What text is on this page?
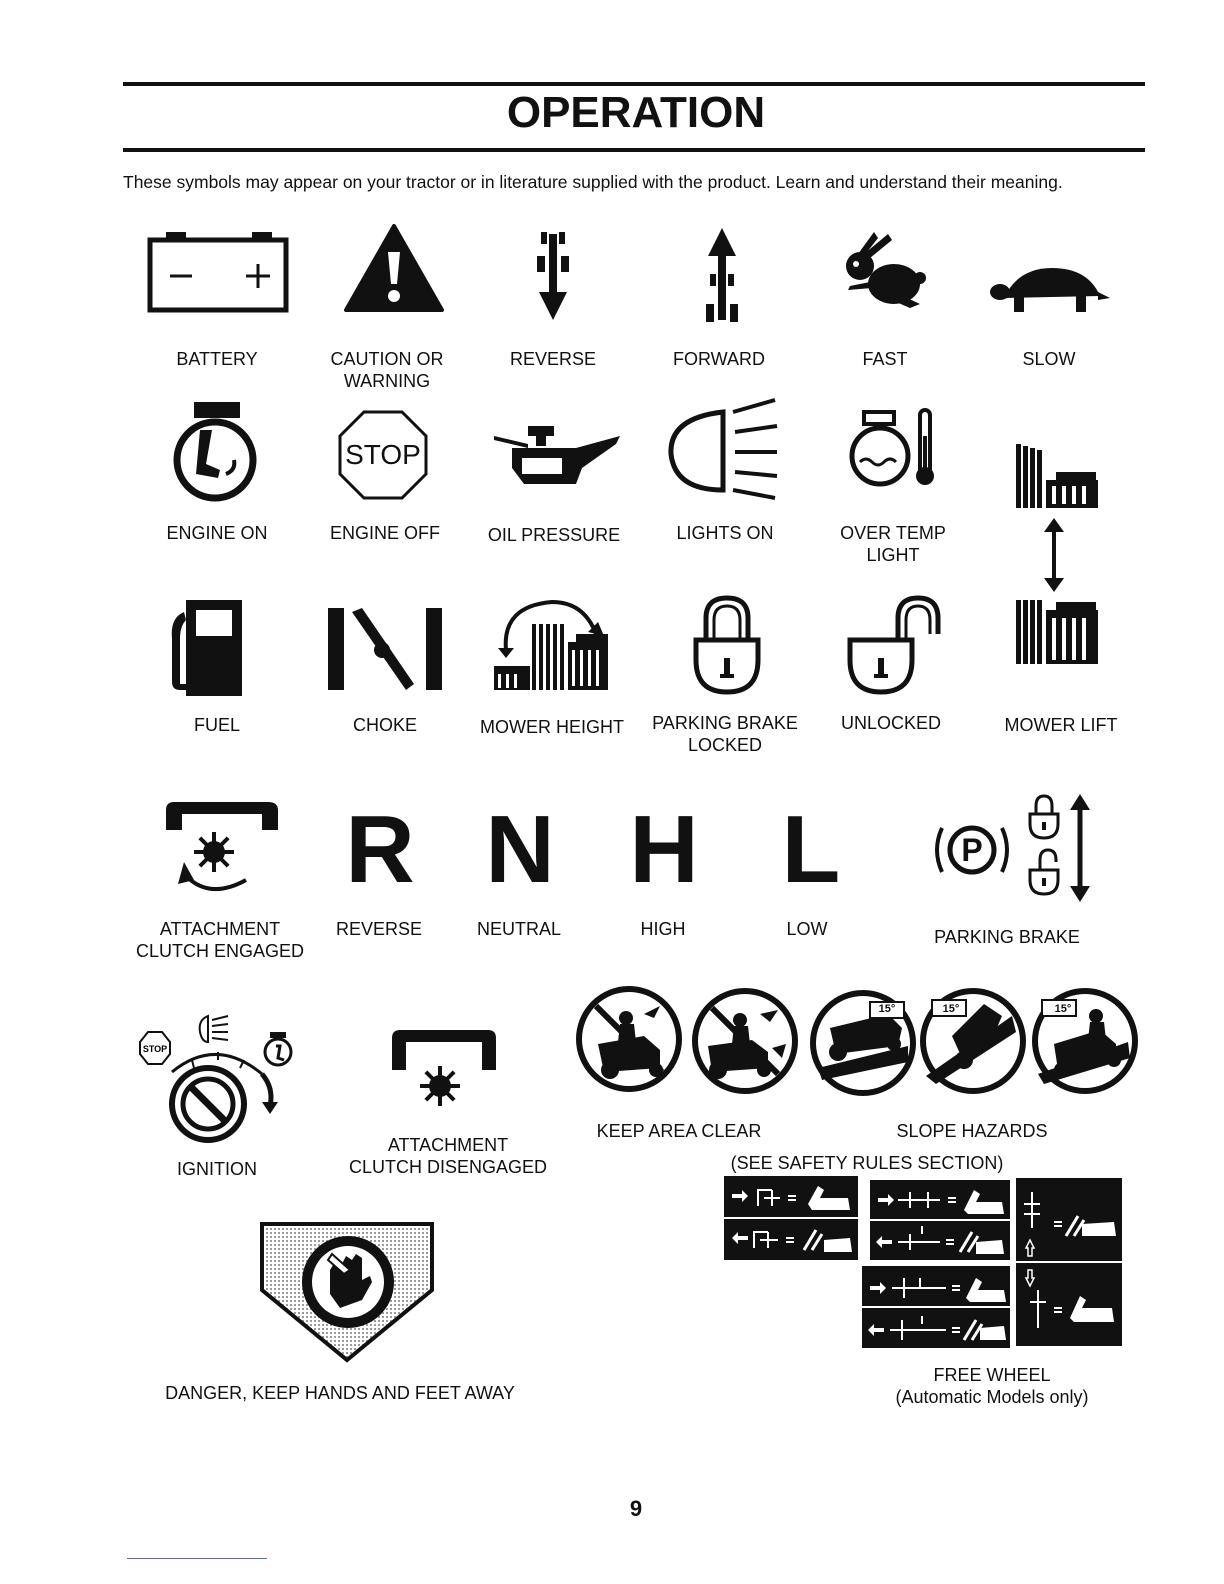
OPERATION
These symbols may appear on your tractor or in literature supplied with the product. Learn and understand their meaning.
BATTERY	CAUTION OR
WARNING
REVERSE	FORWARD	FAST	SLOW
STOP
ENGINE ON	ENGINE OFF	OIL PRESSURE	LIGHTS ON	OVER TEMP
LIGHT
FUEL	CHOKE	MOWER HEIGHT	PARKING BRAKE
LOCKED
UNLOCKED	MOWER LIFT
R N H L	P
ATTACHMENT
CLUTCH ENGAGED
REVERSE	NEUTRAL	HIGH	LOW	PARKING BRAKE
STOP
15°	15°	15°
IGNITION
ATTACHMENT
CLUTCH DISENGAGED
KEEP AREA CLEAR	SLOPE HAZARDS
(SEE SAFETY RULES SECTION)
DANGER, KEEP HANDS AND FEET AWAY
FREE WHEEL
(Automatic Models only)
9
